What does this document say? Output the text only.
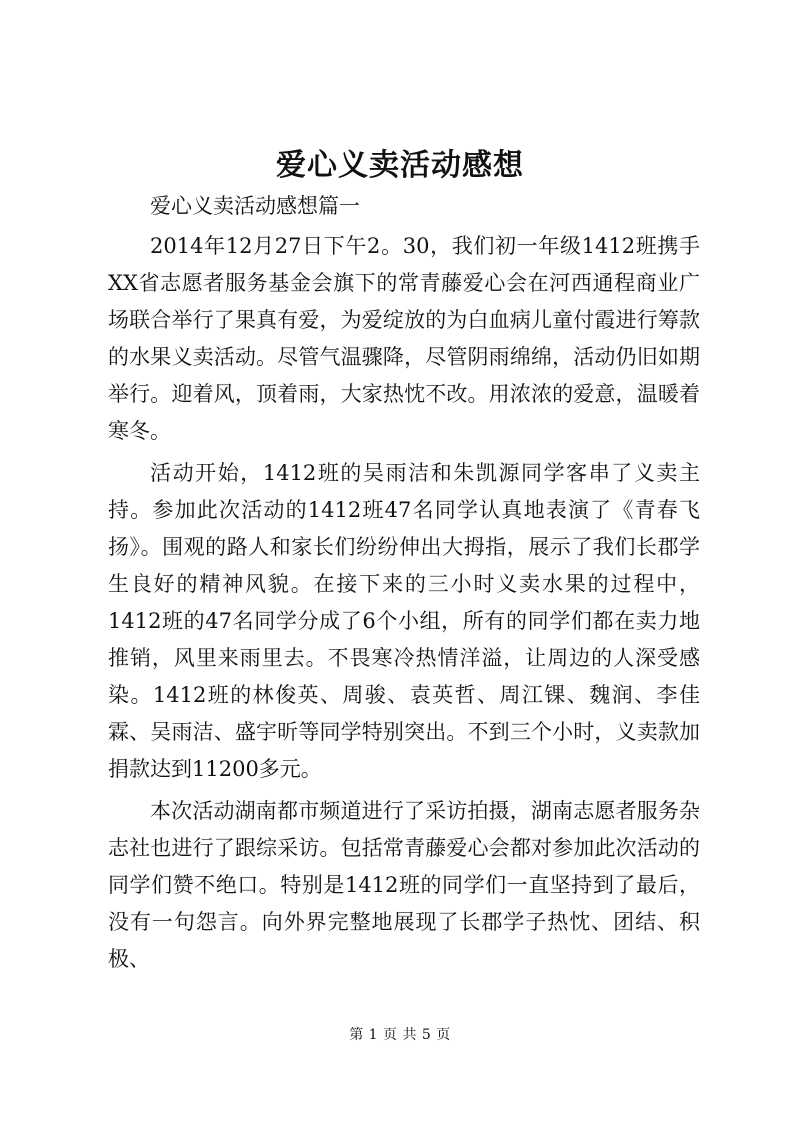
爱心义卖活动感想

爱心义卖活动感想篇一

2014年12月27日下午2。30，我们初一年级1412班携手XX省志愿者服务基金会旗下的常青藤爱心会在河西通程商业广场联合举行了果真有爱，为爱绽放的为白血病儿童付霞进行筹款的水果义卖活动。尽管气温骤降，尽管阴雨绵绵，活动仍旧如期举行。迎着风，顶着雨，大家热忱不改。用浓浓的爱意，温暖着寒冬。

活动开始，1412班的吴雨洁和朱凯源同学客串了义卖主持。参加此次活动的1412班47名同学认真地表演了《青春飞扬》。围观的路人和家长们纷纷伸出大拇指，展示了我们长郡学生良好的精神风貌。在接下来的三小时义卖水果的过程中，1412班的47名同学分成了6个小组，所有的同学们都在卖力地推销，风里来雨里去。不畏寒冷热情洋溢，让周边的人深受感染。1412班的林俊英、周骏、袁英哲、周江锞、魏润、李佳霖、吴雨洁、盛宇昕等同学特别突出。不到三个小时，义卖款加捐款达到11200多元。

本次活动湖南都市频道进行了采访拍摄，湖南志愿者服务杂志社也进行了跟综采访。包括常青藤爱心会都对参加此次活动的同学们赞不绝口。特别是1412班的同学们一直坚持到了最后，没有一句怨言。向外界完整地展现了长郡学子热忱、团结、积极、

第 1 页 共 5 页
